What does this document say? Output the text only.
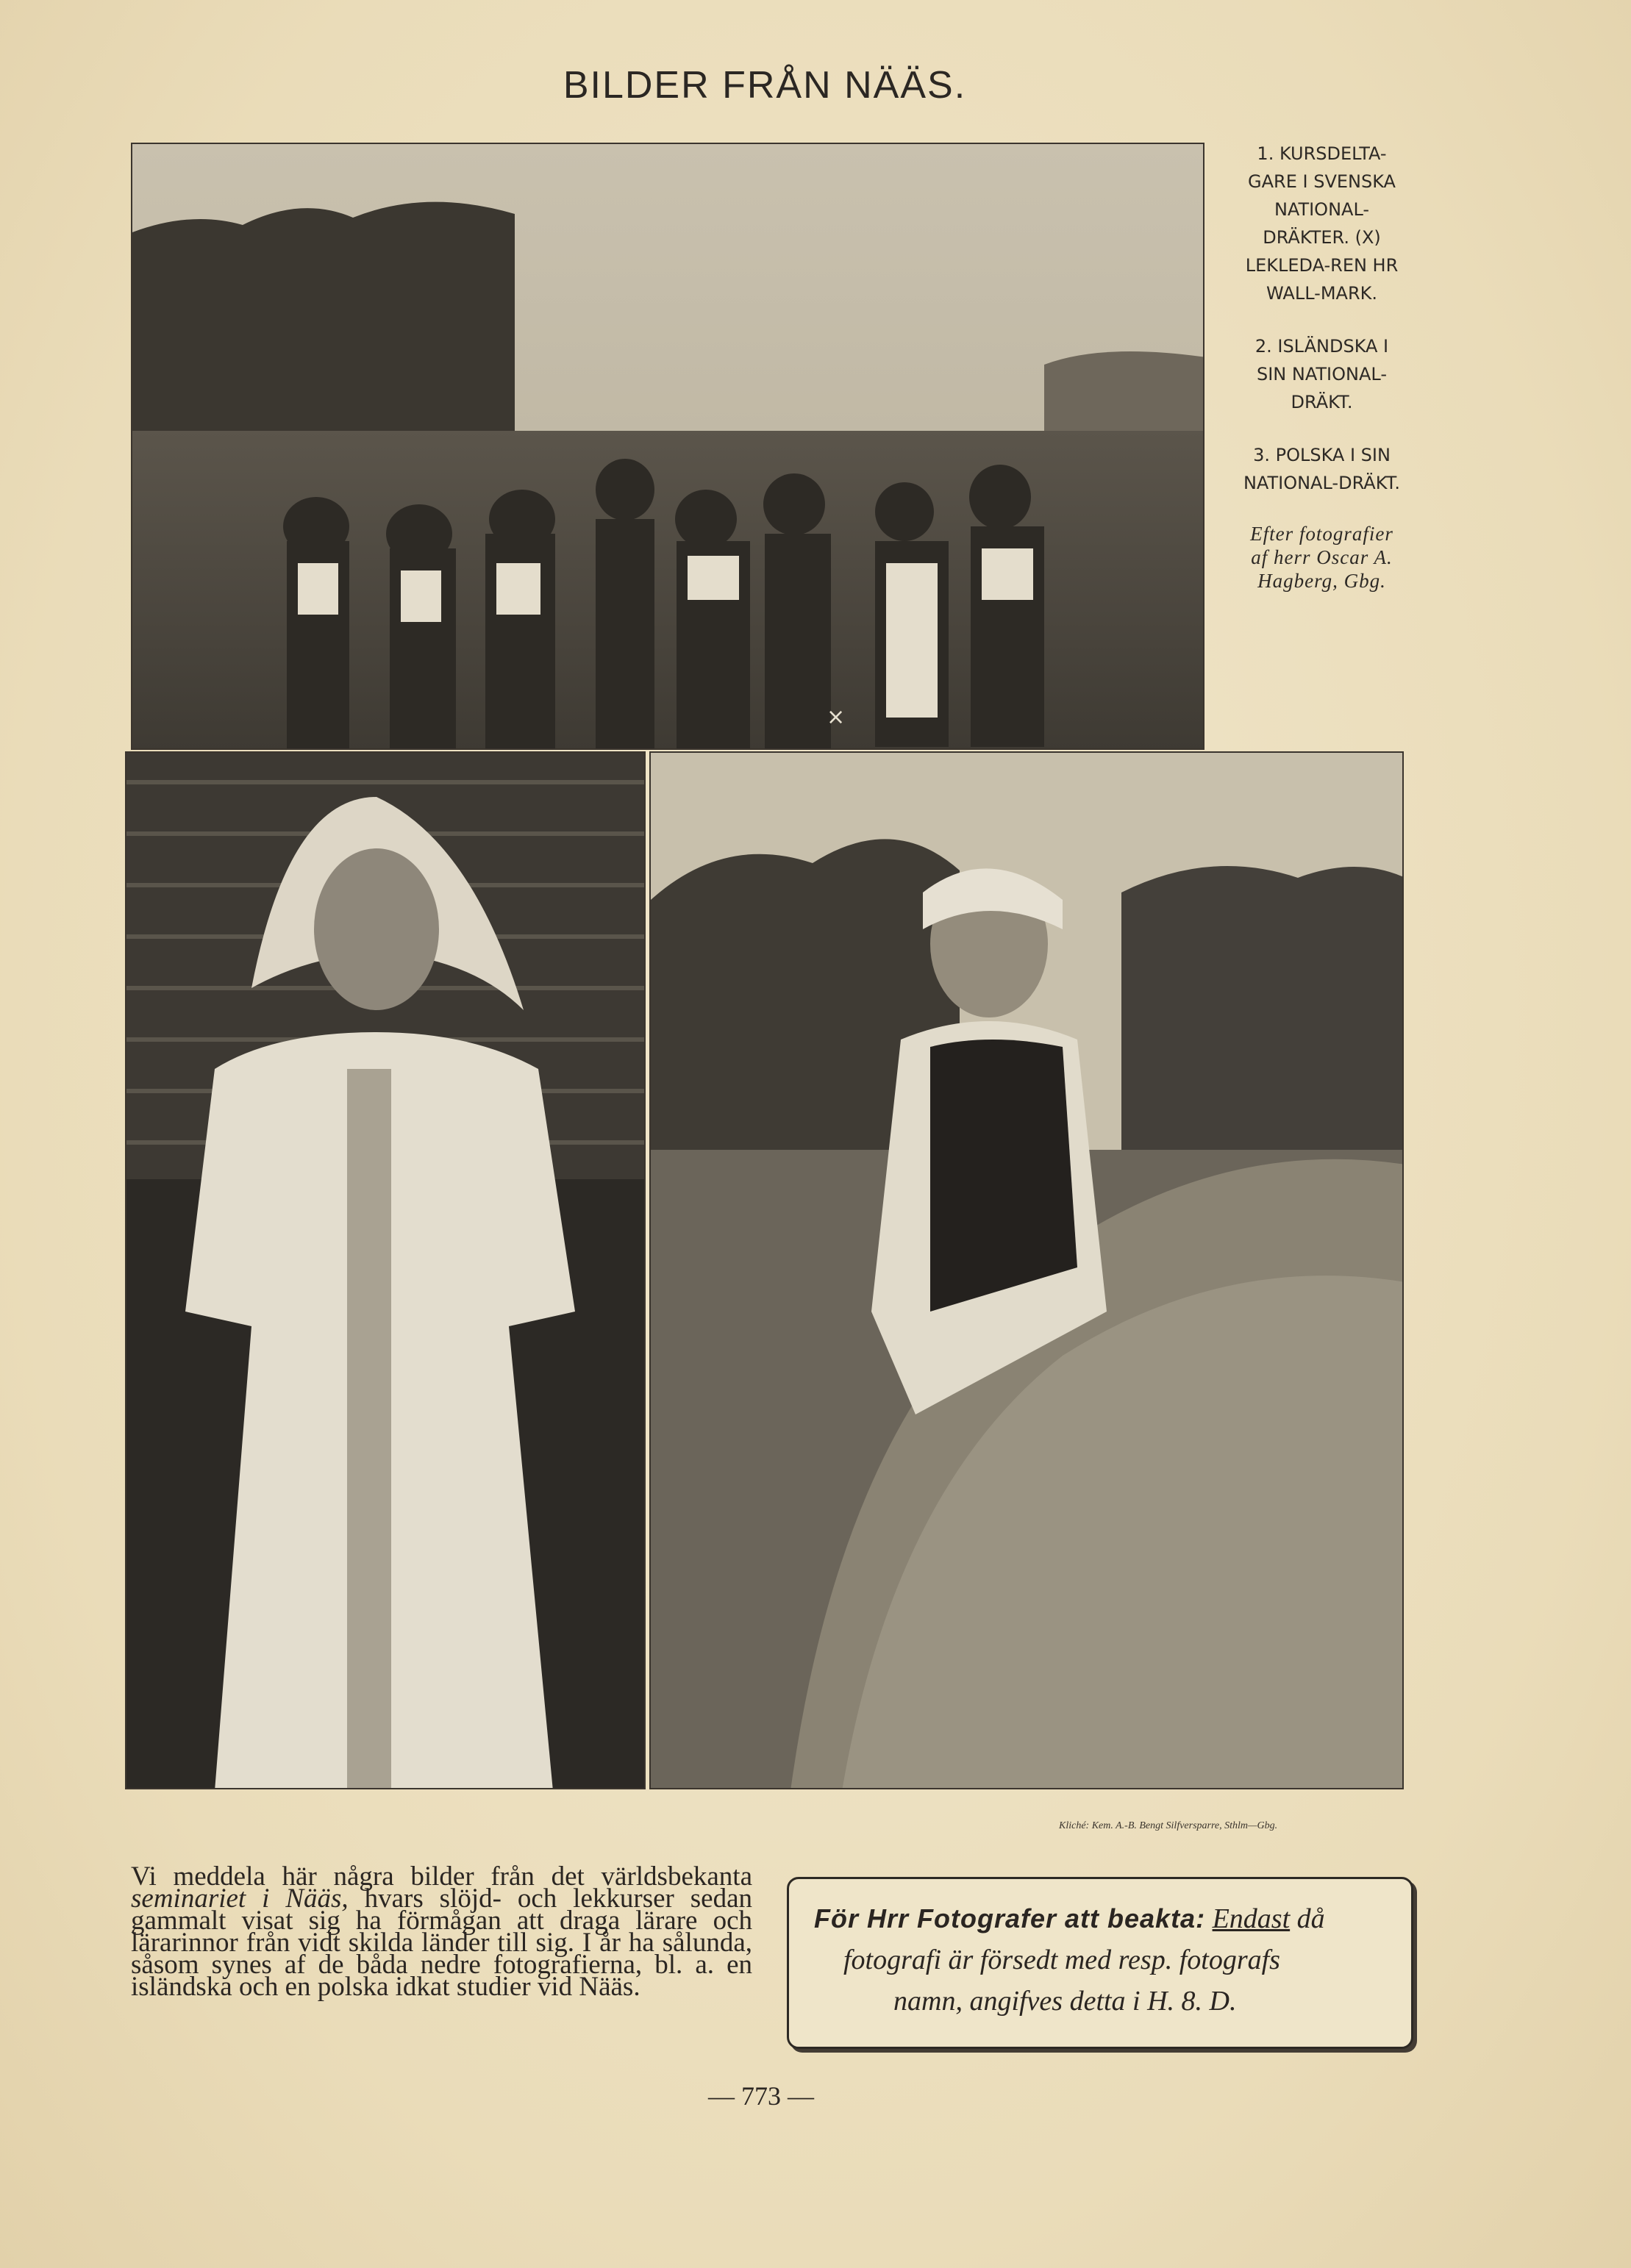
BILDER FRÅN NÄÄS.

1. KURSDELTA-GARE I SVENSKA NATIONAL-DRÄKTER. (X) LEKLEDA-REN HR WALL-MARK.

2. ISLÄNDSKA I SIN NATIONAL-DRÄKT.

3. POLSKA I SIN NATIONAL-DRÄKT.

Efter fotografier af herr Oscar A. Hagberg, Gbg.

Kliché: Kem. A.-B. Bengt Silfversparre, Sthlm—Gbg.
Vi meddela här några bilder från det världsbekanta seminariet i Nääs, hvars slöjd- och lekkurser sedan gammalt visat sig ha förmågan att draga lärare och lärarinnor från vidt skilda länder till sig. I år ha sålunda, såsom synes af de båda nedre fotografierna, bl. a. en isländska och en polska idkat studier vid Nääs.
För Hrr Fotografer att beakta: Endast då
fotografi är försedt med resp. fotografs
namn, angifves detta i H. 8. D.
— 773 —
×
